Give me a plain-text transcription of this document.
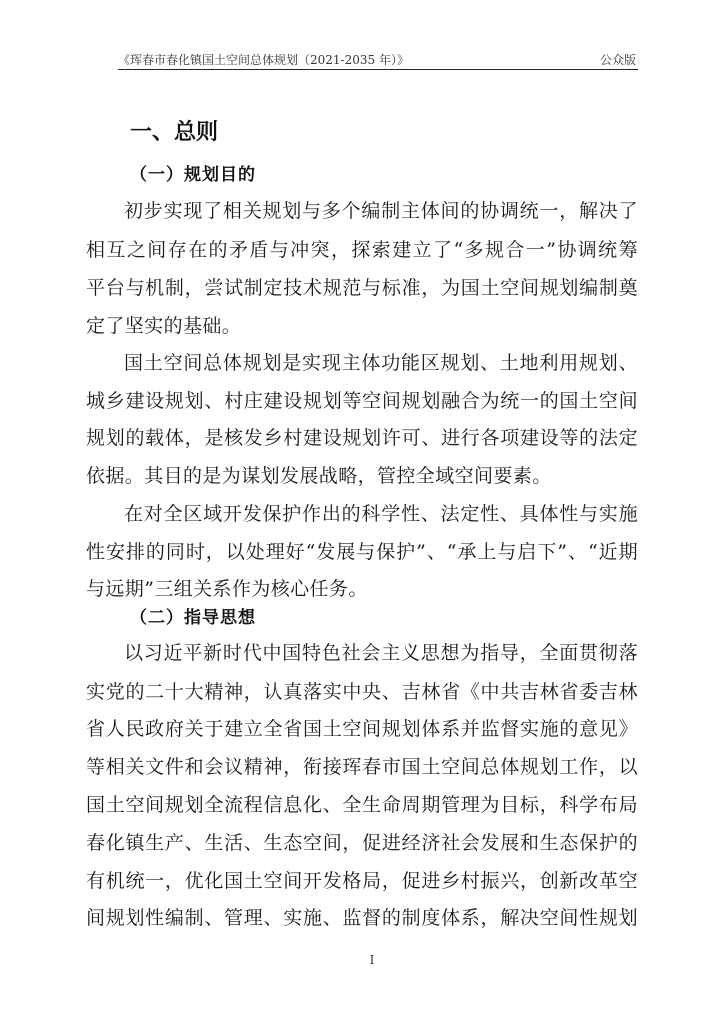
《珲春市春化镇国土空间总体规划（2021-2035 年）》	公众版
一、总则
（一）规划目的
初步实现了相关规划与多个编制主体间的协调统一，解决了
相互之间存在的矛盾与冲突，探索建立了“多规合一”协调统筹
平台与机制，尝试制定技术规范与标准，为国土空间规划编制奠
定了坚实的基础。
国土空间总体规划是实现主体功能区规划、土地利用规划、
城乡建设规划、村庄建设规划等空间规划融合为统一的国土空间
规划的载体，是核发乡村建设规划许可、进行各项建设等的法定
依据。其目的是为谋划发展战略，管控全域空间要素。
在对全区域开发保护作出的科学性、法定性、具体性与实施
性安排的同时，以处理好“发展与保护”、“承上与启下”、“近期
与远期”三组关系作为核心任务。
（二）指导思想
以习近平新时代中国特色社会主义思想为指导，全面贯彻落
实党的二十大精神，认真落实中央、吉林省《中共吉林省委吉林
省人民政府关于建立全省国土空间规划体系并监督实施的意见》
等相关文件和会议精神，衔接珲春市国土空间总体规划工作，以
国土空间规划全流程信息化、全生命周期管理为目标，科学布局
春化镇生产、生活、生态空间，促进经济社会发展和生态保护的
有机统一，优化国土空间开发格局，促进乡村振兴，创新改革空
间规划性编制、管理、实施、监督的制度体系，解决空间性规划
I
